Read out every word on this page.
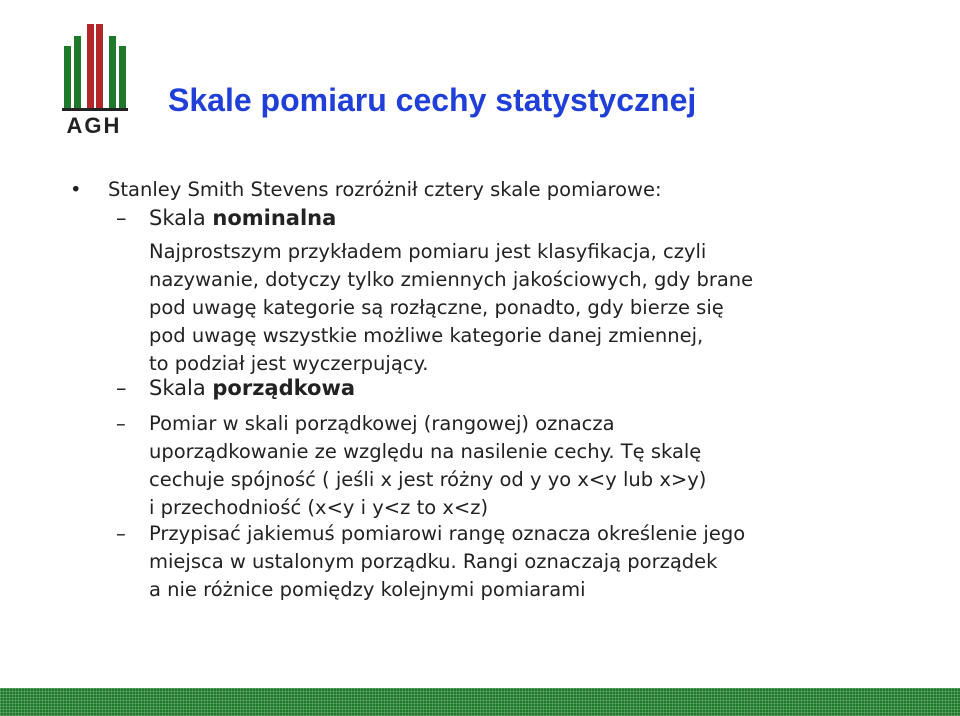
AGH
Skale pomiaru cechy statystycznej
• Stanley Smith Stevens rozróżnił cztery skale pomiarowe:
– Skala nominalna
Najprostszym przykładem pomiaru jest klasyfikacja, czyli
nazywanie, dotyczy tylko zmiennych jakościowych, gdy brane
pod uwagę kategorie są rozłączne, ponadto, gdy bierze się
pod uwagę wszystkie możliwe kategorie danej zmiennej,
to podział jest wyczerpujący.
– Skala porządkowa
–	Pomiar w skali porządkowej (rangowej) oznacza
uporządkowanie ze względu na nasilenie cechy. Tę skalę
cechuje spójność ( jeśli x jest różny od y yo x<y lub x>y)
i przechodniość (x<y i y<z to x<z)
–	Przypisać jakiemuś pomiarowi rangę oznacza określenie jego
miejsca w ustalonym porządku. Rangi oznaczają porządek
a nie różnice pomiędzy kolejnymi pomiarami
